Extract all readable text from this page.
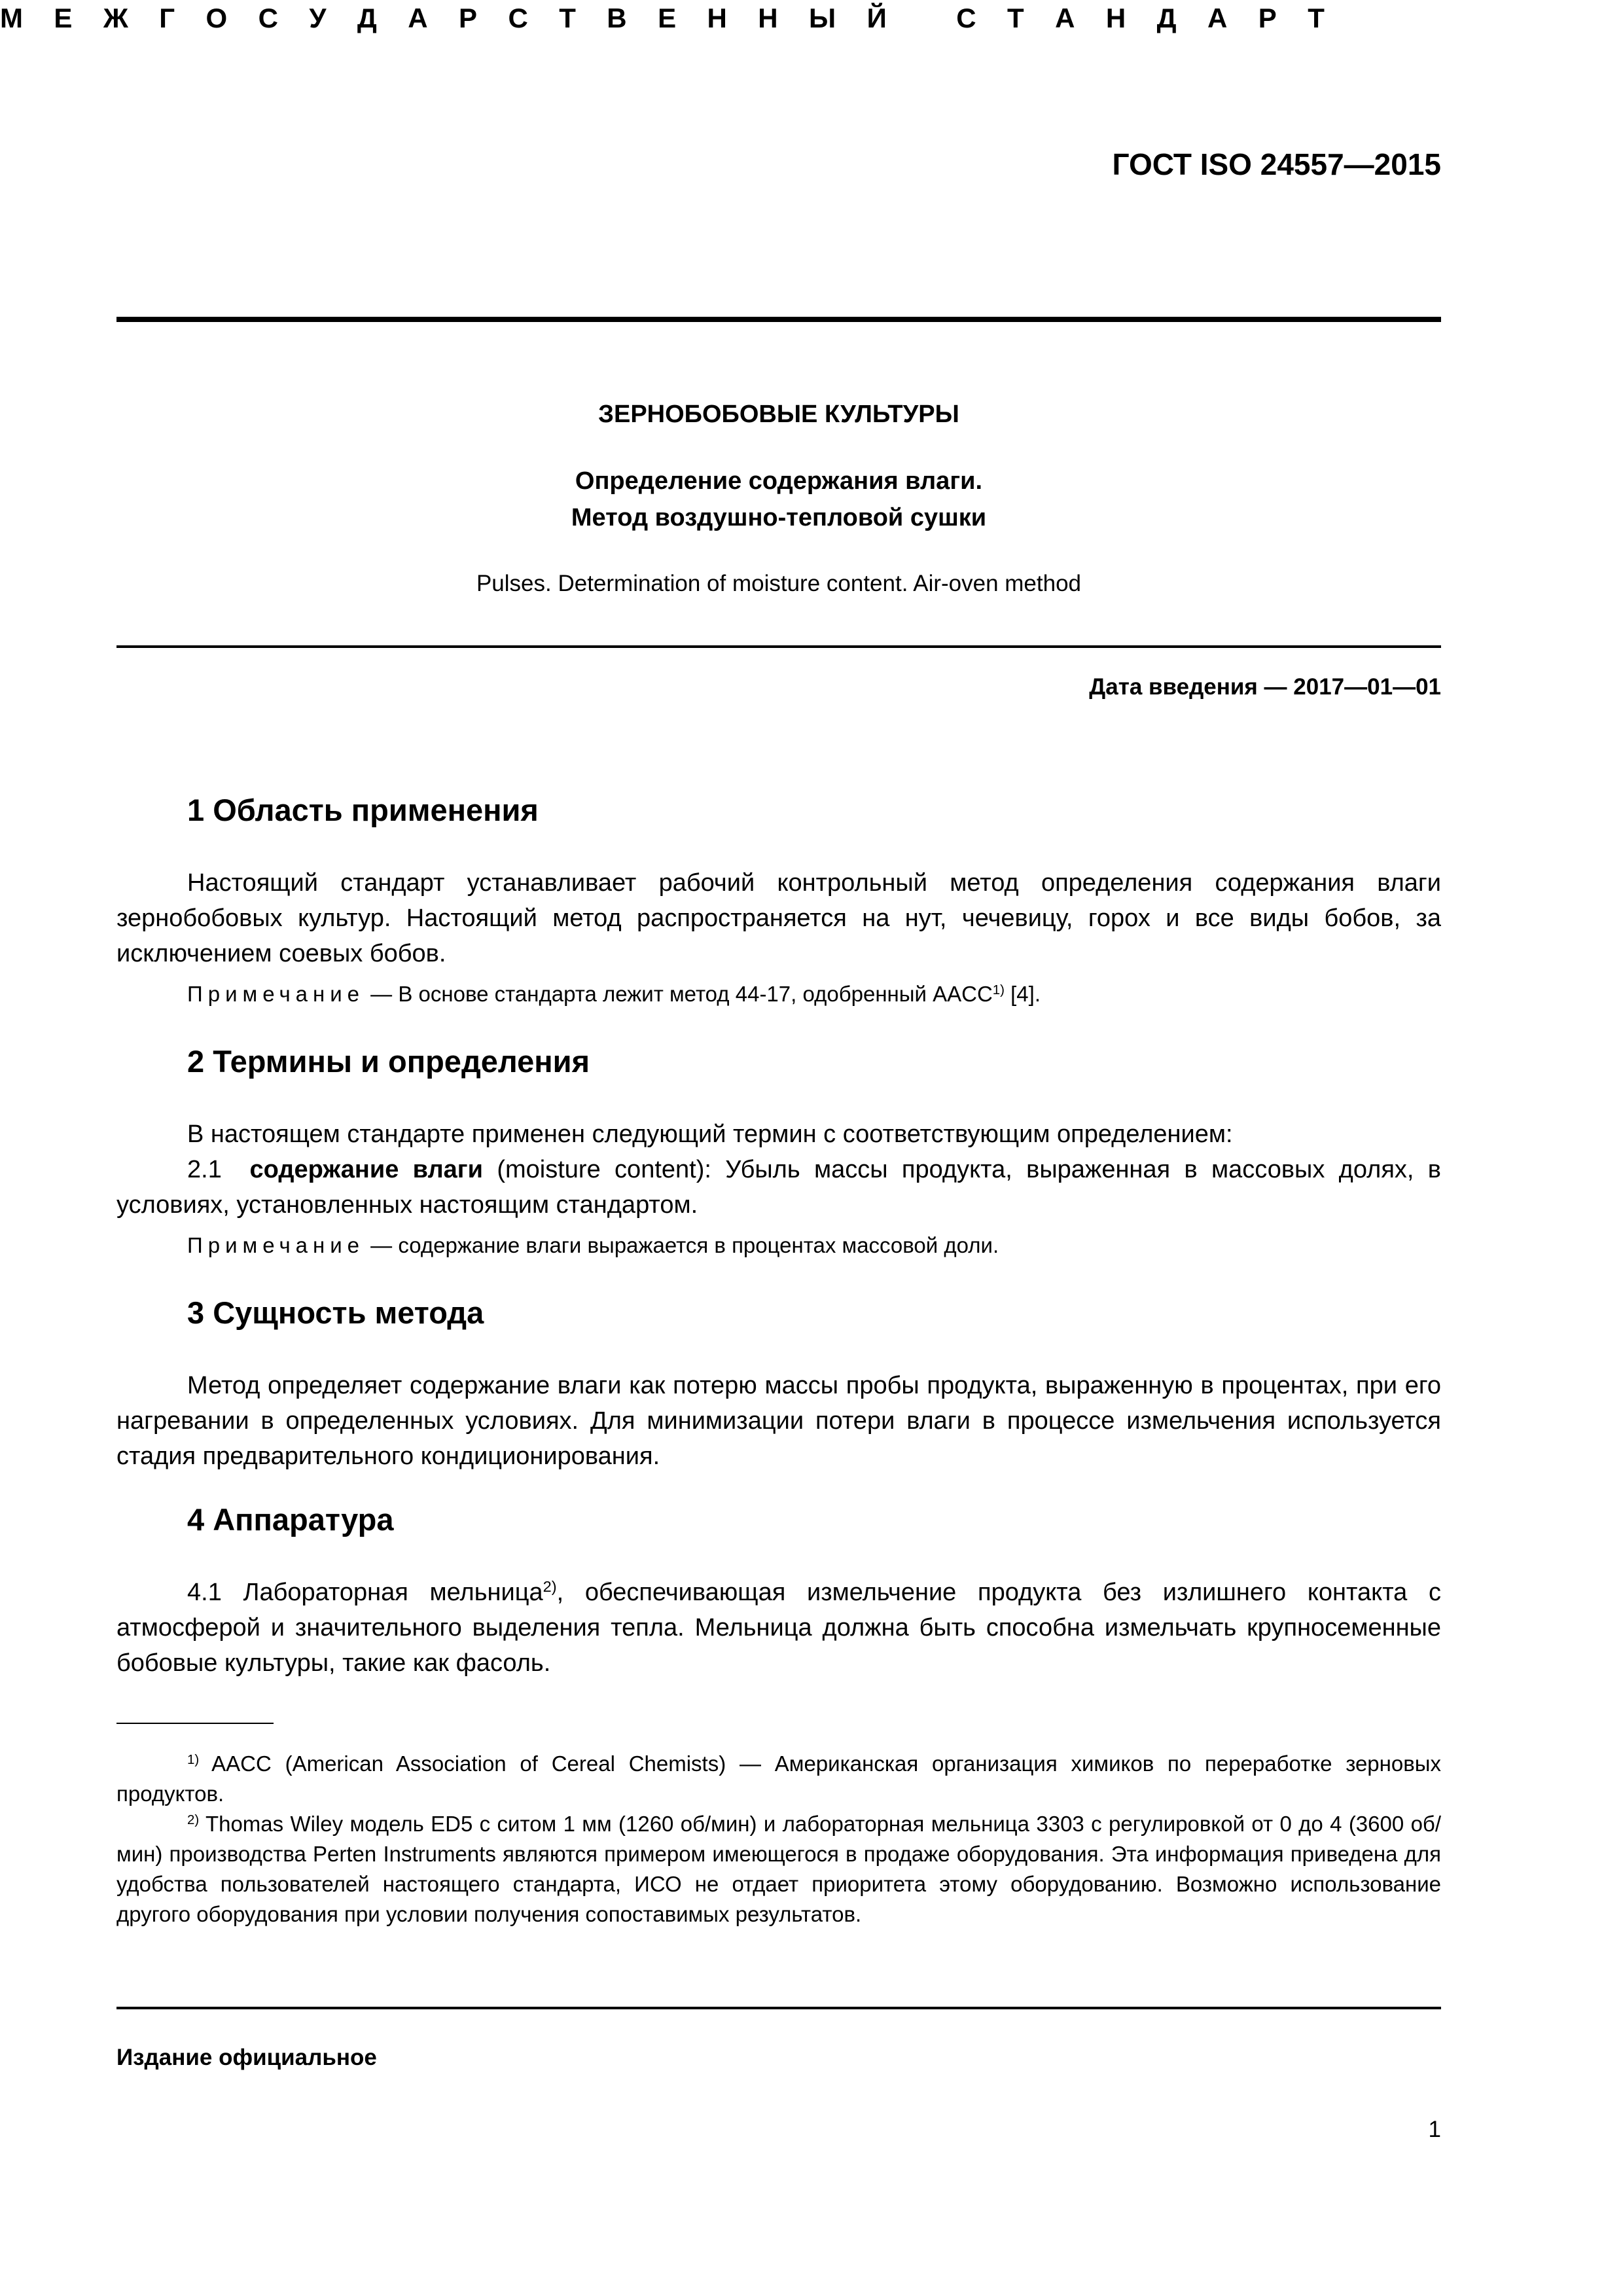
ГОСТ ISO 24557—2015
М Е Ж Г О С У Д А Р С Т В Е Н Н Ы Й
	С Т А Н Д А Р Т
ЗЕРНОБОБОВЫЕ КУЛЬТУРЫ
Определение содержания влаги.
Метод воздушно-тепловой сушки
Pulses. Determination of moisture content. Air-oven method
Дата введения — 2017—01—01
1 Область применения

Настоящий стандарт устанавливает рабочий контрольный метод определения содержания влаги зернобобовых культур. Настоящий метод распространяется на нут, чечевицу, горох и все виды бобов, за исключением соевых бобов.

Примечание — В основе стандарта лежит метод 44-17, одобренный AACC$^{1)}$ [4].

2 Термины и определения

В настоящем стандарте применен следующий термин с соответствующим определением:

2.1 содержание влаги (moisture content): Убыль массы продукта, выраженная в массовых долях, в условиях, установленных настоящим стандартом.

Примечание — содержание влаги выражается в процентах массовой доли.

3 Сущность метода

Метод определяет содержание влаги как потерю массы пробы продукта, выраженную в процентах, при его нагревании в определенных условиях. Для минимизации потери влаги в процессе измельчения используется стадия предварительного кондиционирования.

4 Аппаратура

4.1 Лабораторная мельница$^{2)}$, обеспечивающая измельчение продукта без излишнего контакта с атмосферой и значительного выделения тепла. Мельница должна быть способна измельчать крупносеменные бобовые культуры, такие как фасоль.

$^{1)}$ AACC (American Association of Cereal Chemists) — Американская организация химиков по переработке зерновых продуктов.

$^{2)}$ Thomas Wiley модель ED5 с ситом 1 мм (1260 об/мин) и лабораторная мельница 3303 с регулировкой от 0 до 4 (3600 об/мин) производства Perten Instruments являются примером имеющегося в продаже оборудования. Эта информация приведена для удобства пользователей настоящего стандарта, ИСО не отдает приоритета этому оборудованию. Возможно использование другого оборудования при условии получения сопоставимых результатов.

Издание официальное
1
